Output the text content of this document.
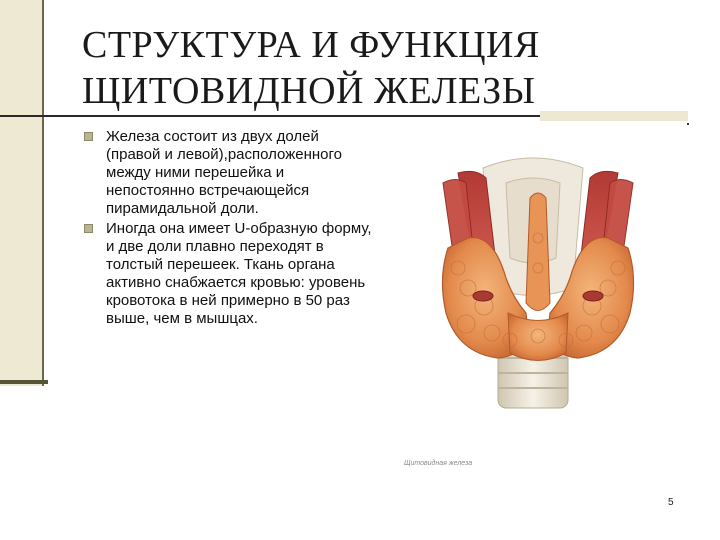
СТРУКТУРА И ФУНКЦИЯ
ЩИТОВИДНОЙ ЖЕЛЕЗЫ

Железа состоит из двух долей (правой и левой),расположенного между ними перешейка и непостоянно встречающейся пирамидальной доли.

Иногда она имеет U-образную форму, и две доли плавно переходят в толстый перешеек. Ткань органа активно снабжается кровью: уровень кровотока в ней примерно в 50 раз выше, чем в мышцах.

Щитовидная железа
5
